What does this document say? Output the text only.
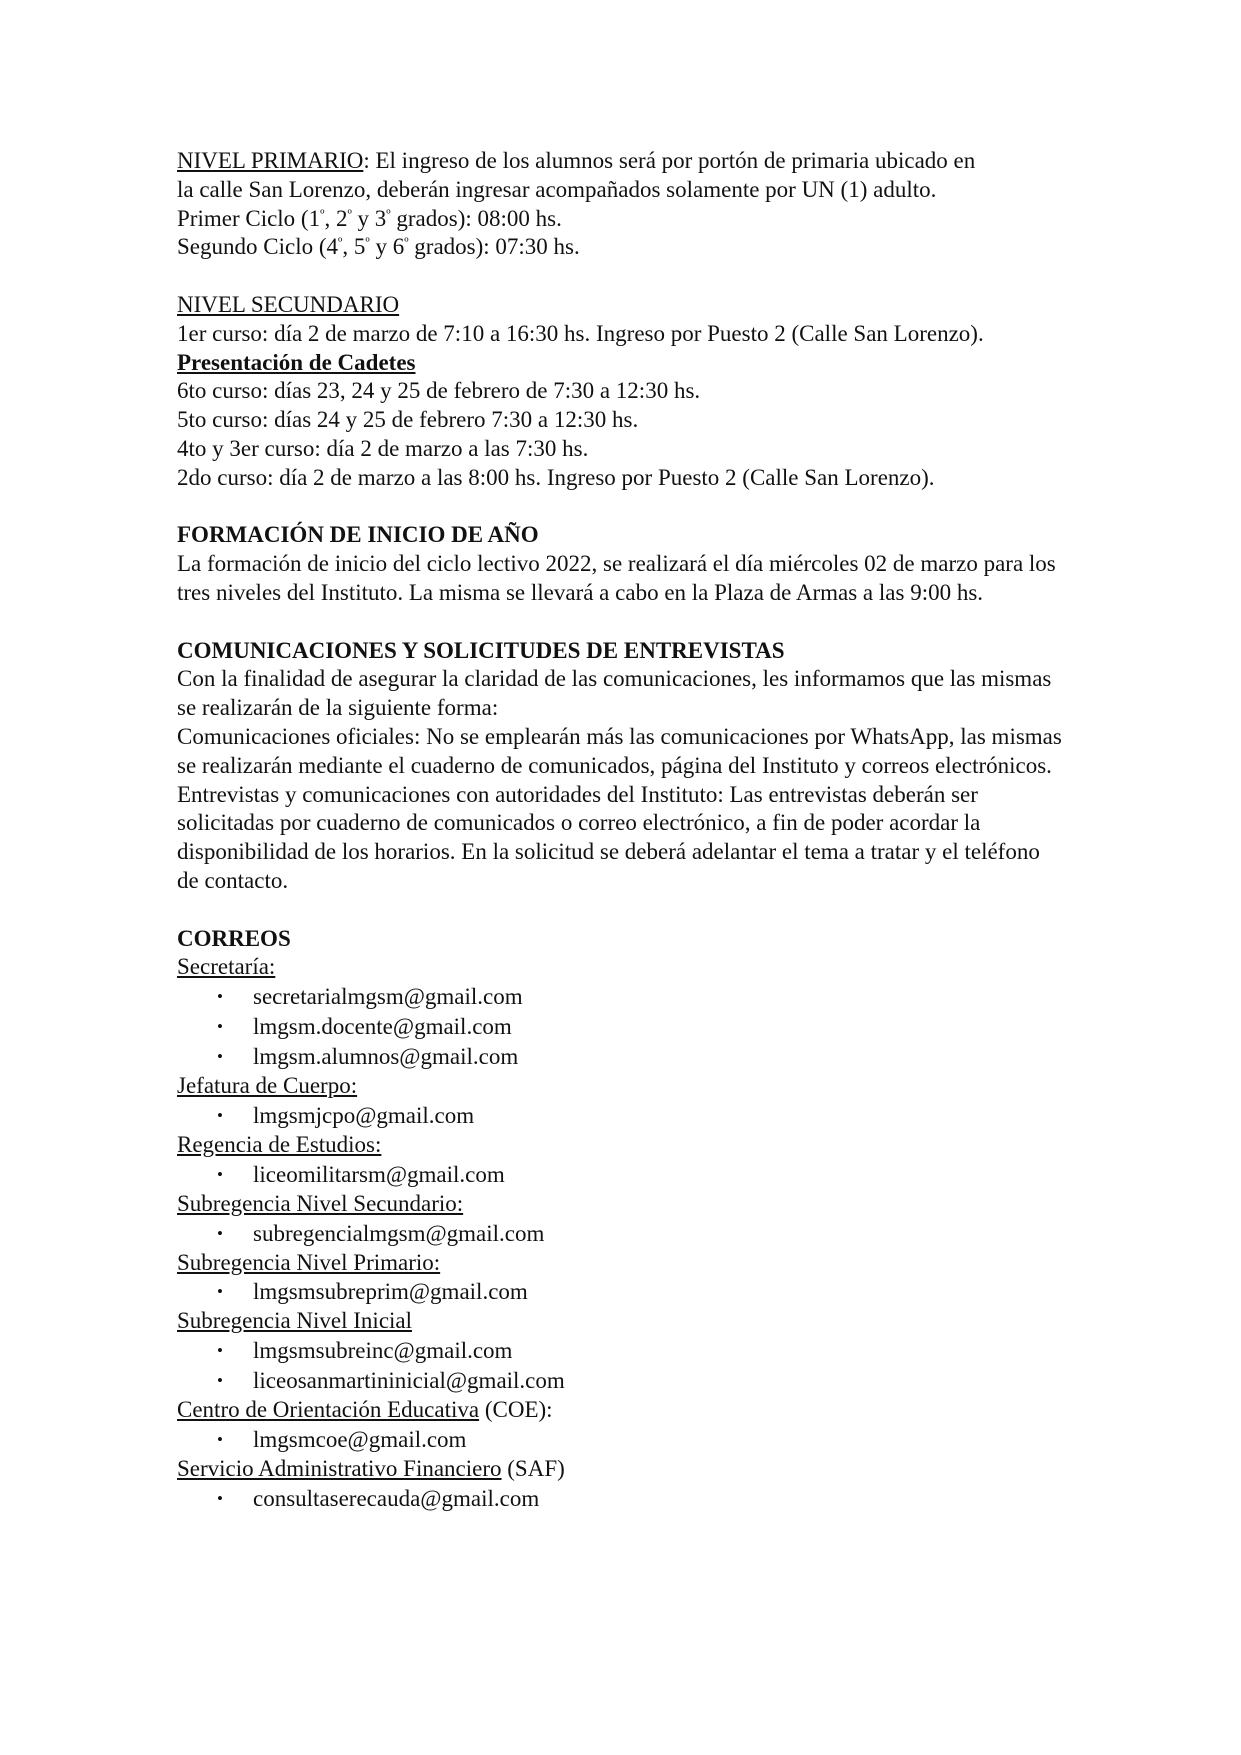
NIVEL PRIMARIO: El ingreso de los alumnos será por portón de primaria ubicado en
la calle San Lorenzo, deberán ingresar acompañados solamente por UN (1) adulto.
Primer Ciclo ($1^º$, $2^º$ y $3^º$ grados): 08:00 hs.
Segundo Ciclo ($4^º$, $5^º$ y $6^º$ grados): 07:30 hs.
NIVEL SECUNDARIO
1er curso: día 2 de marzo de 7:10 a 16:30 hs. Ingreso por Puesto 2 (Calle San Lorenzo).
Presentación de Cadetes
6to curso: días 23, 24 y 25 de febrero de 7:30 a 12:30 hs.
5to curso: días 24 y 25 de febrero 7:30 a 12:30 hs.
4to y 3er curso: día 2 de marzo a las 7:30 hs.
2do curso: día 2 de marzo a las 8:00 hs. Ingreso por Puesto 2 (Calle San Lorenzo).
FORMACIÓN DE INICIO DE AÑO
La formación de inicio del ciclo lectivo 2022, se realizará el día miércoles 02 de marzo para los tres niveles del Instituto. La misma se llevará a cabo en la Plaza de Armas a las 9:00 hs.
COMUNICACIONES Y SOLICITUDES DE ENTREVISTAS
Con la finalidad de asegurar la claridad de las comunicaciones, les informamos que las mismas se realizarán de la siguiente forma:
Comunicaciones oficiales: No se emplearán más las comunicaciones por WhatsApp, las mismas se realizarán mediante el cuaderno de comunicados, página del Instituto y correos electrónicos.
Entrevistas y comunicaciones con autoridades del Instituto: Las entrevistas deberán ser solicitadas por cuaderno de comunicados o correo electrónico, a fin de poder acordar la disponibilidad de los horarios. En la solicitud se deberá adelantar el tema a tratar y el teléfono de contacto.
CORREOS
Secretaría:
• secretarialmgsm@gmail.com
• lmgsm.docente@gmail.com
• lmgsm.alumnos@gmail.com
Jefatura de Cuerpo:
• lmgsmjcpo@gmail.com
Regencia de Estudios:
• liceomilitarsm@gmail.com
Subregencia Nivel Secundario:
• subregencialmgsm@gmail.com
Subregencia Nivel Primario:
• lmgsmsubreprim@gmail.com
Subregencia Nivel Inicial
• lmgsmsubreinc@gmail.com
• liceosanmartininicial@gmail.com
Centro de Orientación Educativa (COE):
• lmgsmcoe@gmail.com
Servicio Administrativo Financiero (SAF)
• consultaserecauda@gmail.com
